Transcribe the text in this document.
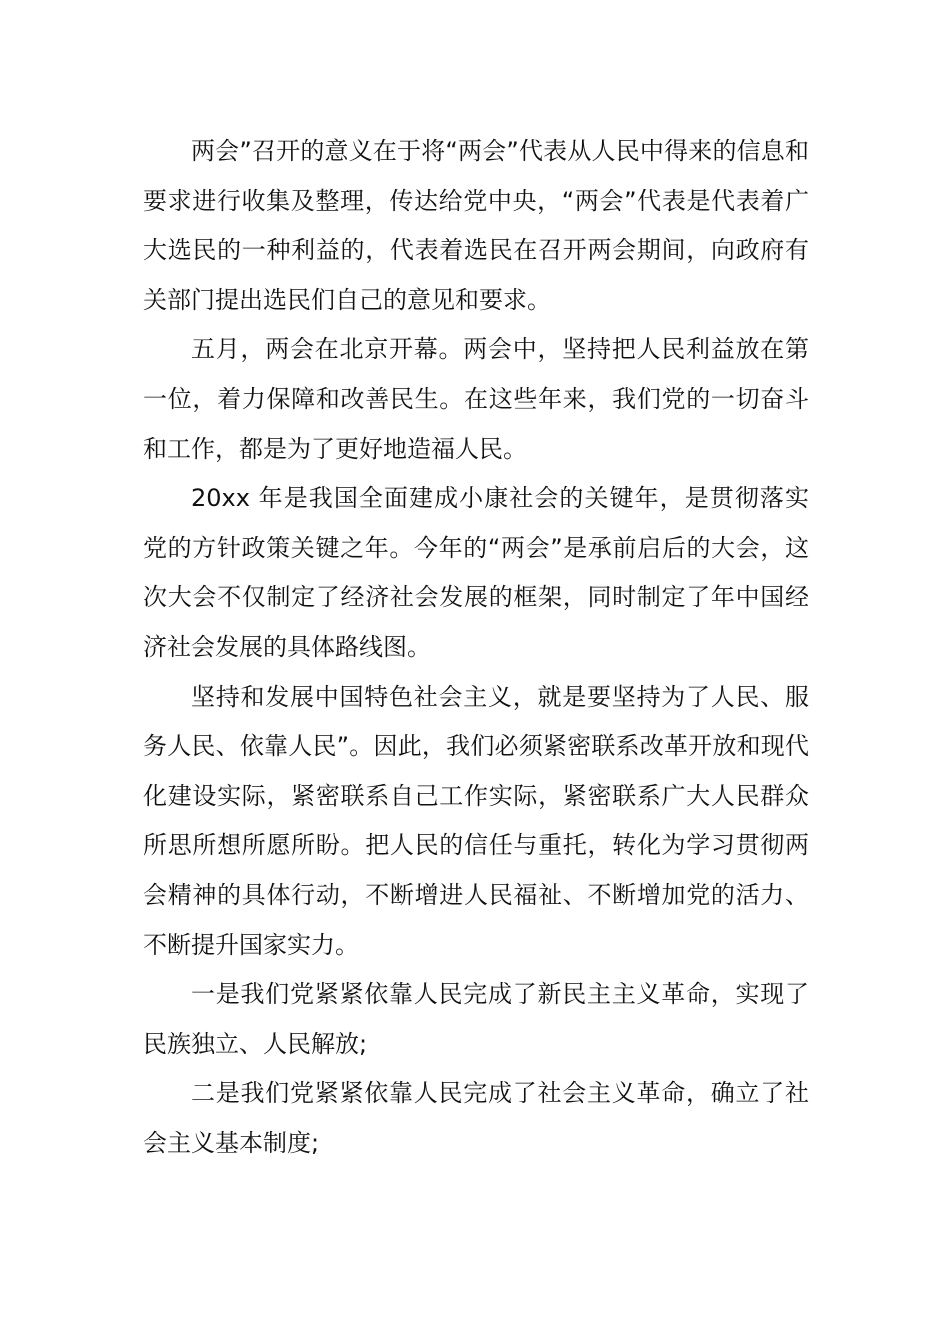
两会”召开的意义在于将“两会”代表从人民中得来的信息和要求进行收集及整理，传达给党中央，“两会”代表是代表着广大选民的一种利益的，代表着选民在召开两会期间，向政府有关部门提出选民们自己的意见和要求。

五月，两会在北京开幕。两会中，坚持把人民利益放在第一位，着力保障和改善民生。在这些年来，我们党的一切奋斗和工作，都是为了更好地造福人民。

20xx 年是我国全面建成小康社会的关键年，是贯彻落实党的方针政策关键之年。今年的“两会”是承前启后的大会，这次大会不仅制定了经济社会发展的框架，同时制定了年中国经济社会发展的具体路线图。

坚持和发展中国特色社会主义，就是要坚持为了人民、服务人民、依靠人民”。因此，我们必须紧密联系改革开放和现代化建设实际，紧密联系自己工作实际，紧密联系广大人民群众所思所想所愿所盼。把人民的信任与重托，转化为学习贯彻两会精神的具体行动，不断增进人民福祉、不断增加党的活力、不断提升国家实力。

一是我们党紧紧依靠人民完成了新民主主义革命，实现了民族独立、人民解放;

二是我们党紧紧依靠人民完成了社会主义革命，确立了社会主义基本制度;
